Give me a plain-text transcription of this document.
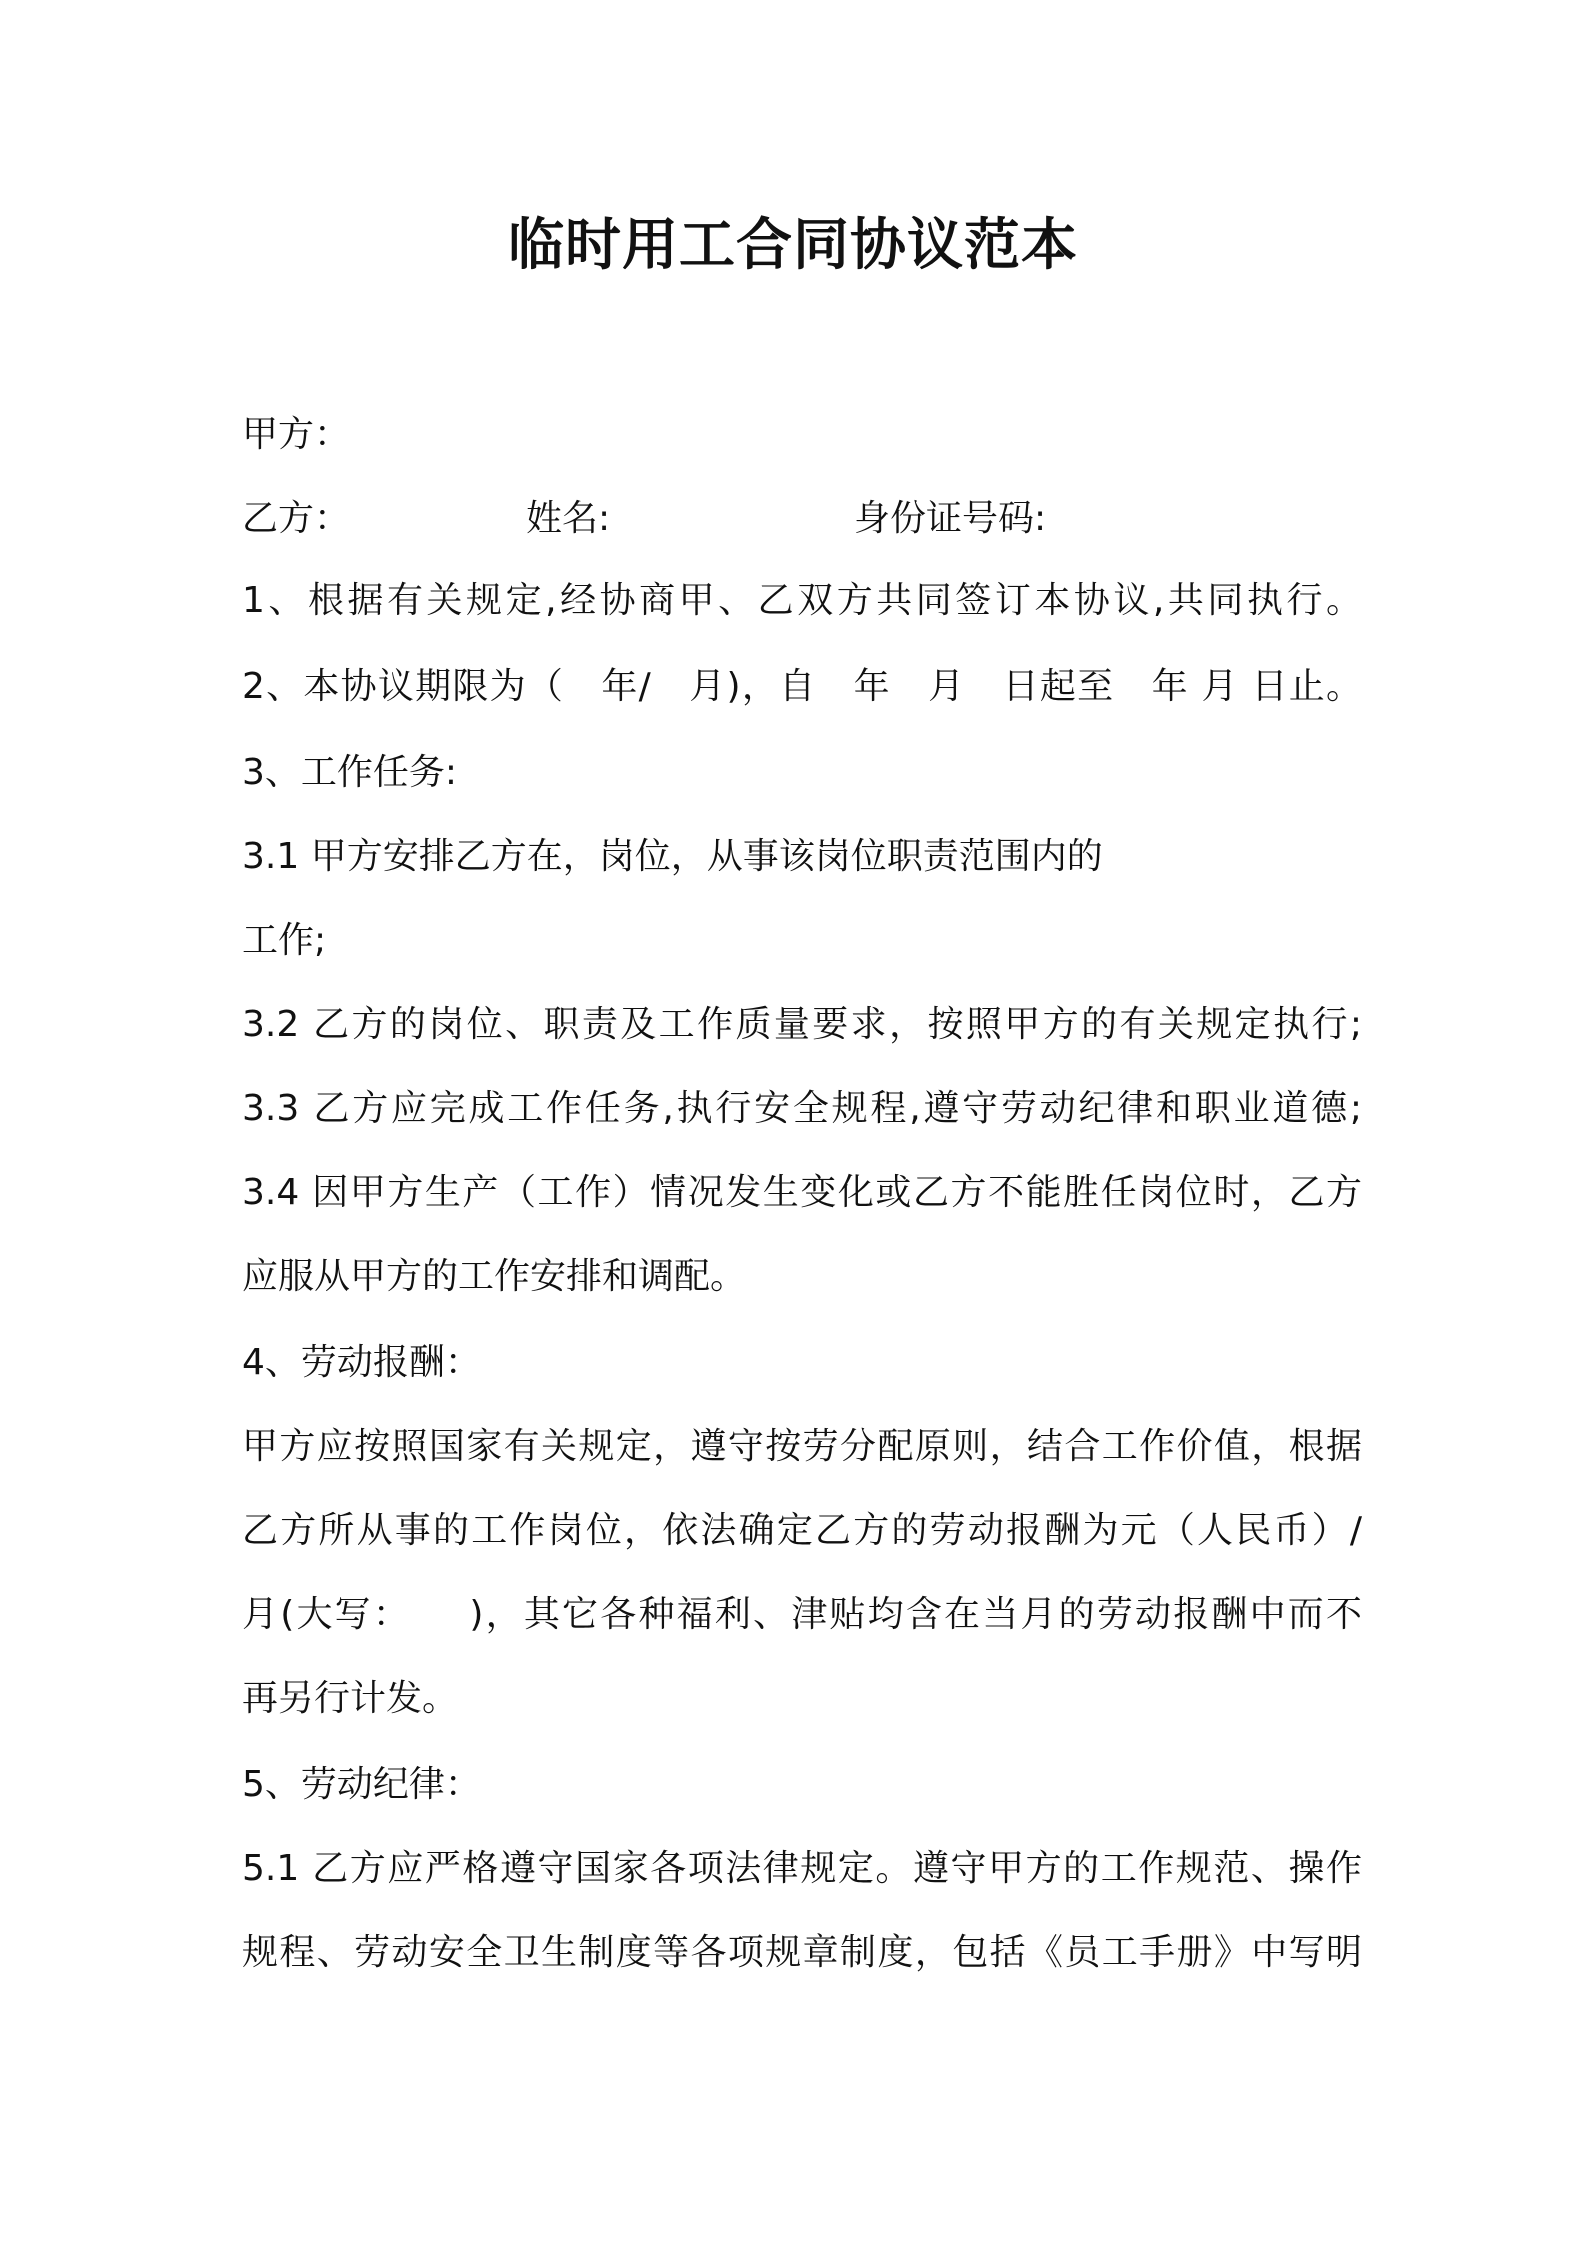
临时用工合同协议范本

甲方：

乙方：	姓名:	身份证号码:

1、根据有关规定,经协商甲、乙双方共同签订本协议,共同执行。

2、本协议期限为（　年/　月)，自　年　月　日起至　年 月 日止。

3、工作任务:

3.1 甲方安排乙方在，岗位，从事该岗位职责范围内的

工作;

3.2 乙方的岗位、职责及工作质量要求，按照甲方的有关规定执行;

3.3 乙方应完成工作任务,执行安全规程,遵守劳动纪律和职业道德;

3.4 因甲方生产（工作）情况发生变化或乙方不能胜任岗位时，乙方

应服从甲方的工作安排和调配。

4、劳动报酬：

甲方应按照国家有关规定，遵守按劳分配原则，结合工作价值，根据

乙方所从事的工作岗位，依法确定乙方的劳动报酬为元（人民币）/

月(大写：　　)，其它各种福利、津贴均含在当月的劳动报酬中而不

再另行计发。

5、劳动纪律：

5.1 乙方应严格遵守国家各项法律规定。遵守甲方的工作规范、操作

规程、劳动安全卫生制度等各项规章制度，包括《员工手册》中写明
